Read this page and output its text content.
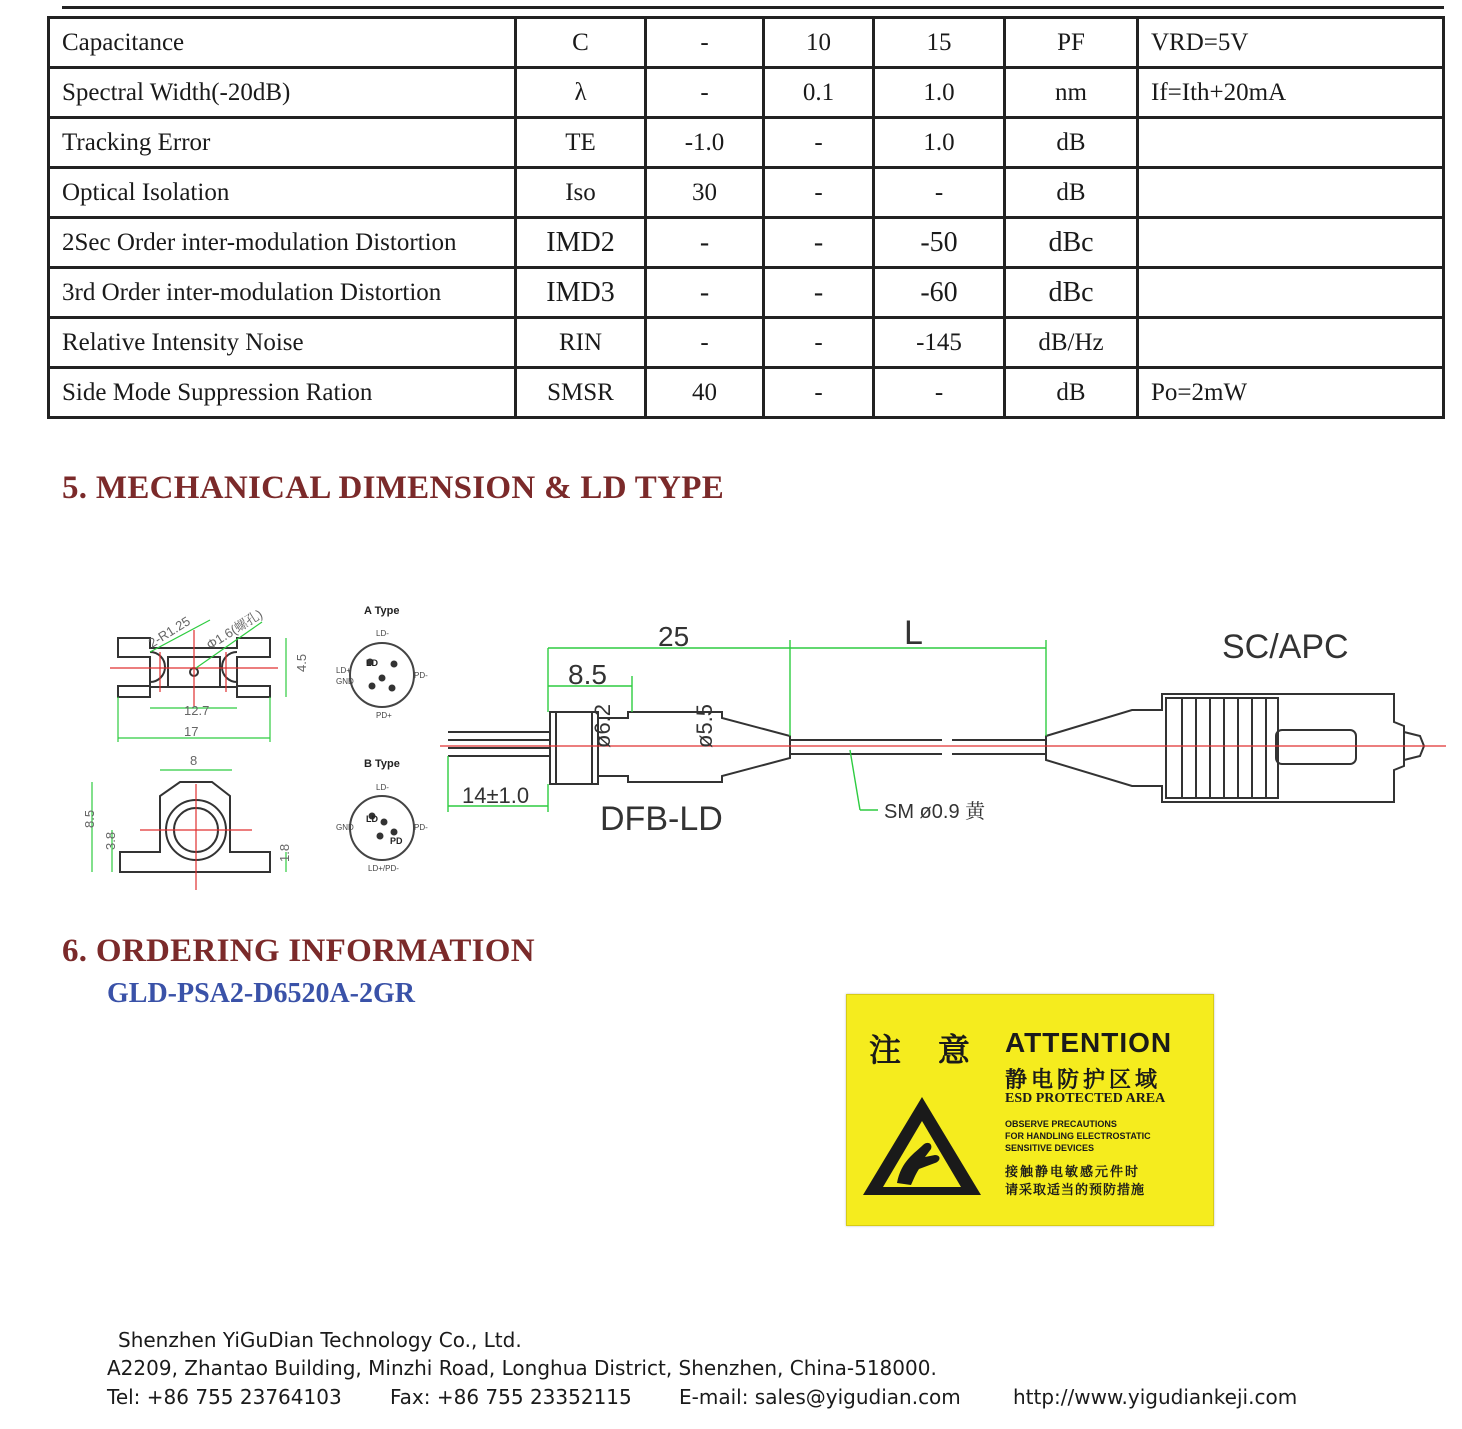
Capacitance	C	-	10	15	PF	VRD=5V
Spectral Width(-20dB)	λ	-	0.1	1.0	nm	If=Ith+20mA
Tracking Error	TE	-1.0	-	1.0	dB	
Optical Isolation	Iso	30	-	-	dB	
2Sec Order inter-modulation Distortion	IMD2	-	-	-50	dBc	
3rd Order inter-modulation Distortion	IMD3	-	-	-60	dBc	
Relative Intensity Noise	RIN	-	-	-145	dB/Hz	
Side Mode Suppression Ration	SMSR	40	-	-	dB	Po=2mW
5. MECHANICAL DIMENSION & LD TYPE
12.7
17
4.5
2-R1.25 Φ1.6(螺孔)
8
8.5
3.8
1.8
A Type
LD
LD-
LD+
GND
PD-
PD+
B Type
LD
PD
LD-
GND	PD-
LD+/PD-
25	L
8.5
ø6.2	ø5.5
14±1.0
DFB-LD
SC/APC
SM ø0.9 黄
6. ORDERING INFORMATION
GLD-PSA2-D6520A-2GR
注 意 ATTENTION
静电防护区域
ESD PROTECTED AREA
OBSERVE PRECAUTIONS
FOR HANDLING ELECTROSTATIC
SENSITIVE DEVICES
接触静电敏感元件时
请采取适当的预防措施
Shenzhen YiGuDian Technology Co., Ltd.
A2209, Zhantao Building, Minzhi Road, Longhua District, Shenzhen, China-518000.
Tel: +86 755 23764103 Fax: +86 755 23352115 E-mail: sales@yigudian.com	http://www.yigudiankeji.com
